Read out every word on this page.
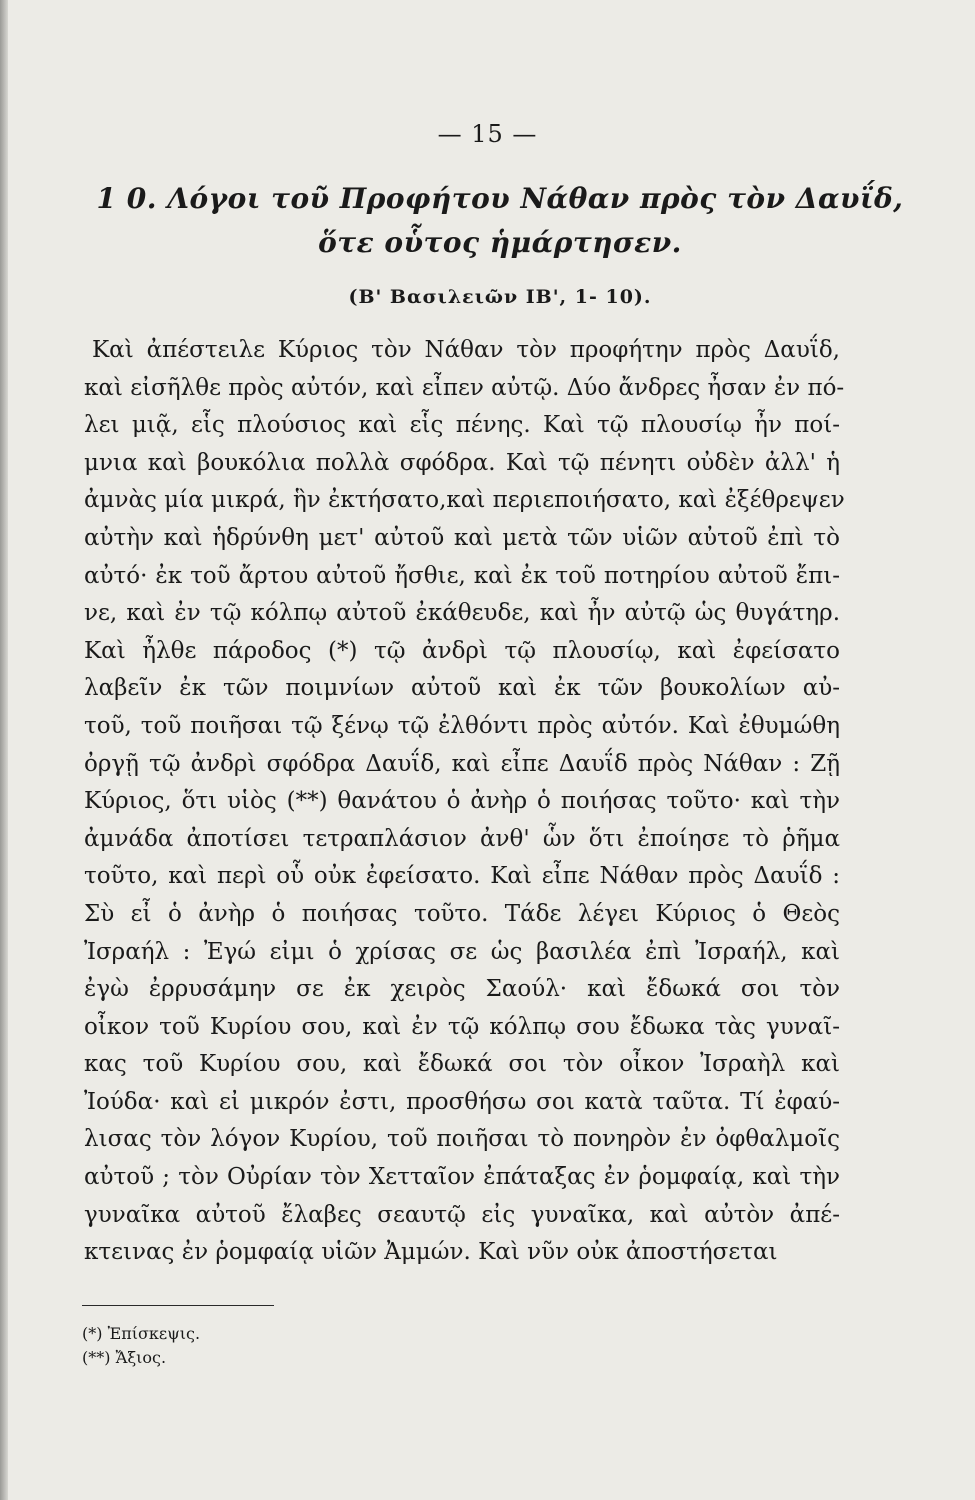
— 15 —
1 0. Λόγοι τοῦ Προφήτου Νάθαν πρὸς τὸν Δαυΐδ,
ὅτε οὗτος ἡμάρτησεν.
(Β' Βασιλειῶν ΙΒ', 1- 10).
Καὶ ἀπέστειλε Κύριος τὸν Νάθαν τὸν προφήτην πρὸς Δαυΐδ,
καὶ εἰσῆλθε πρὸς αὐτόν, καὶ εἶπεν αὐτῷ. Δύο ἄνδρες ἦσαν ἐν πό-
λει μιᾷ, εἷς πλούσιος καὶ εἷς πένης. Καὶ τῷ πλουσίῳ ἦν ποί-
μνια καὶ βουκόλια πολλὰ σφόδρα. Καὶ τῷ πένητι οὐδὲν ἀλλ' ἡ
ἀμνὰς μία μικρά, ἣν ἐκτήσατο,καὶ περιεποιήσατο, καὶ ἐξέθρεψεν
αὐτὴν καὶ ἡδρύνθη μετ' αὐτοῦ καὶ μετὰ τῶν υἱῶν αὐτοῦ ἐπὶ τὸ
αὐτό· ἐκ τοῦ ἄρτου αὐτοῦ ἤσθιε, καὶ ἐκ τοῦ ποτηρίου αὐτοῦ ἔπι-
νε, καὶ ἐν τῷ κόλπῳ αὐτοῦ ἐκάθευδε, καὶ ἦν αὐτῷ ὡς θυγάτηρ.
Καὶ ἦλθε πάροδος (*) τῷ ἀνδρὶ τῷ πλουσίῳ, καὶ ἐφείσατο
λαβεῖν ἐκ τῶν ποιμνίων αὐτοῦ καὶ ἐκ τῶν βουκολίων αὐ-
τοῦ, τοῦ ποιῆσαι τῷ ξένῳ τῷ ἐλθόντι πρὸς αὐτόν. Καὶ ἐθυμώθη
ὀργῇ τῷ ἀνδρὶ σφόδρα Δαυΐδ, καὶ εἶπε Δαυΐδ πρὸς Νάθαν : Ζῇ
Κύριος, ὅτι υἱὸς (**) θανάτου ὁ ἀνὴρ ὁ ποιήσας τοῦτο· καὶ τὴν
ἀμνάδα ἀποτίσει τετραπλάσιον ἀνθ' ὧν ὅτι ἐποίησε τὸ ῥῆμα
τοῦτο, καὶ περὶ οὗ οὐκ ἐφείσατο. Καὶ εἶπε Νάθαν πρὸς Δαυΐδ :
Σὺ εἶ ὁ ἀνὴρ ὁ ποιήσας τοῦτο. Τάδε λέγει Κύριος ὁ Θεὸς
Ἰσραήλ : Ἐγώ εἰμι ὁ χρίσας σε ὡς βασιλέα ἐπὶ Ἰσραήλ, καὶ
ἐγὼ ἐρρυσάμην σε ἐκ χειρὸς Σαούλ· καὶ ἔδωκά σοι τὸν
οἶκον τοῦ Κυρίου σου, καὶ ἐν τῷ κόλπῳ σου ἔδωκα τὰς γυναῖ-
κας τοῦ Κυρίου σου, καὶ ἔδωκά σοι τὸν οἶκον Ἰσραὴλ καὶ
Ἰούδα· καὶ εἰ μικρόν ἐστι, προσθήσω σοι κατὰ ταῦτα. Τί ἐφαύ-
λισας τὸν λόγον Κυρίου, τοῦ ποιῆσαι τὸ πονηρὸν ἐν ὀφθαλμοῖς
αὐτοῦ ; τὸν Οὐρίαν τὸν Χετταῖον ἐπάταξας ἐν ῥομφαίᾳ, καὶ τὴν
γυναῖκα αὐτοῦ ἔλαβες σεαυτῷ εἰς γυναῖκα, καὶ αὐτὸν ἀπέ-
κτεινας ἐν ῥομφαίᾳ υἱῶν Ἀμμών. Καὶ νῦν οὐκ ἀποστήσεται
(*) Ἐπίσκεψις.
(**) Ἄξιος.
